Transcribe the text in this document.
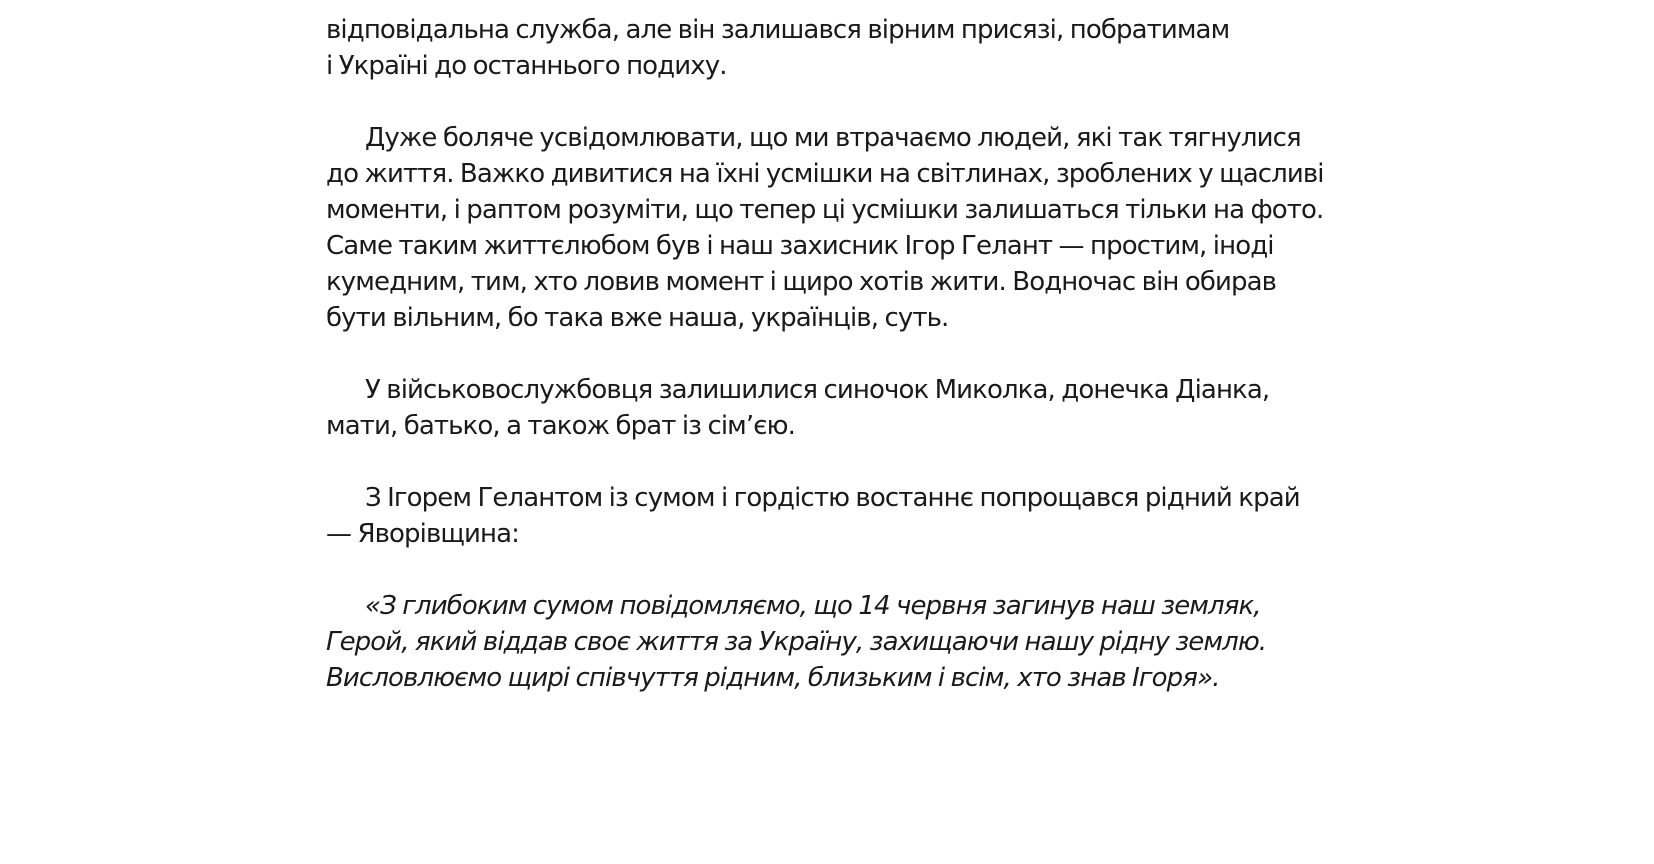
відповідальна служба, але він залишався вірним присязі, побратимам
і Україні до останнього подиху.
Дуже боляче усвідомлювати, що ми втрачаємо людей, які так тягнулися
до життя. Важко дивитися на їхні усмішки на світлинах, зроблених у щасливі
моменти, і раптом розуміти, що тепер ці усмішки залишаться тільки на фото.
Саме таким життєлюбом був і наш захисник Ігор Гелант — простим, іноді
кумедним, тим, хто ловив момент і щиро хотів жити. Водночас він обирав
бути вільним, бо така вже наша, українців, суть.
У військовослужбовця залишилися синочок Миколка, донечка Діанка,
мати, батько, а також брат із сім’єю.
З Ігорем Гелантом із сумом і гордістю востаннє попрощався рідний край
— Яворівщина:
«З глибоким сумом повідомляємо, що 14 червня загинув наш земляк,
Герой, який віддав своє життя за Україну, захищаючи нашу рідну землю.
Висловлюємо щирі співчуття рідним, близьким і всім, хто знав Ігоря».
